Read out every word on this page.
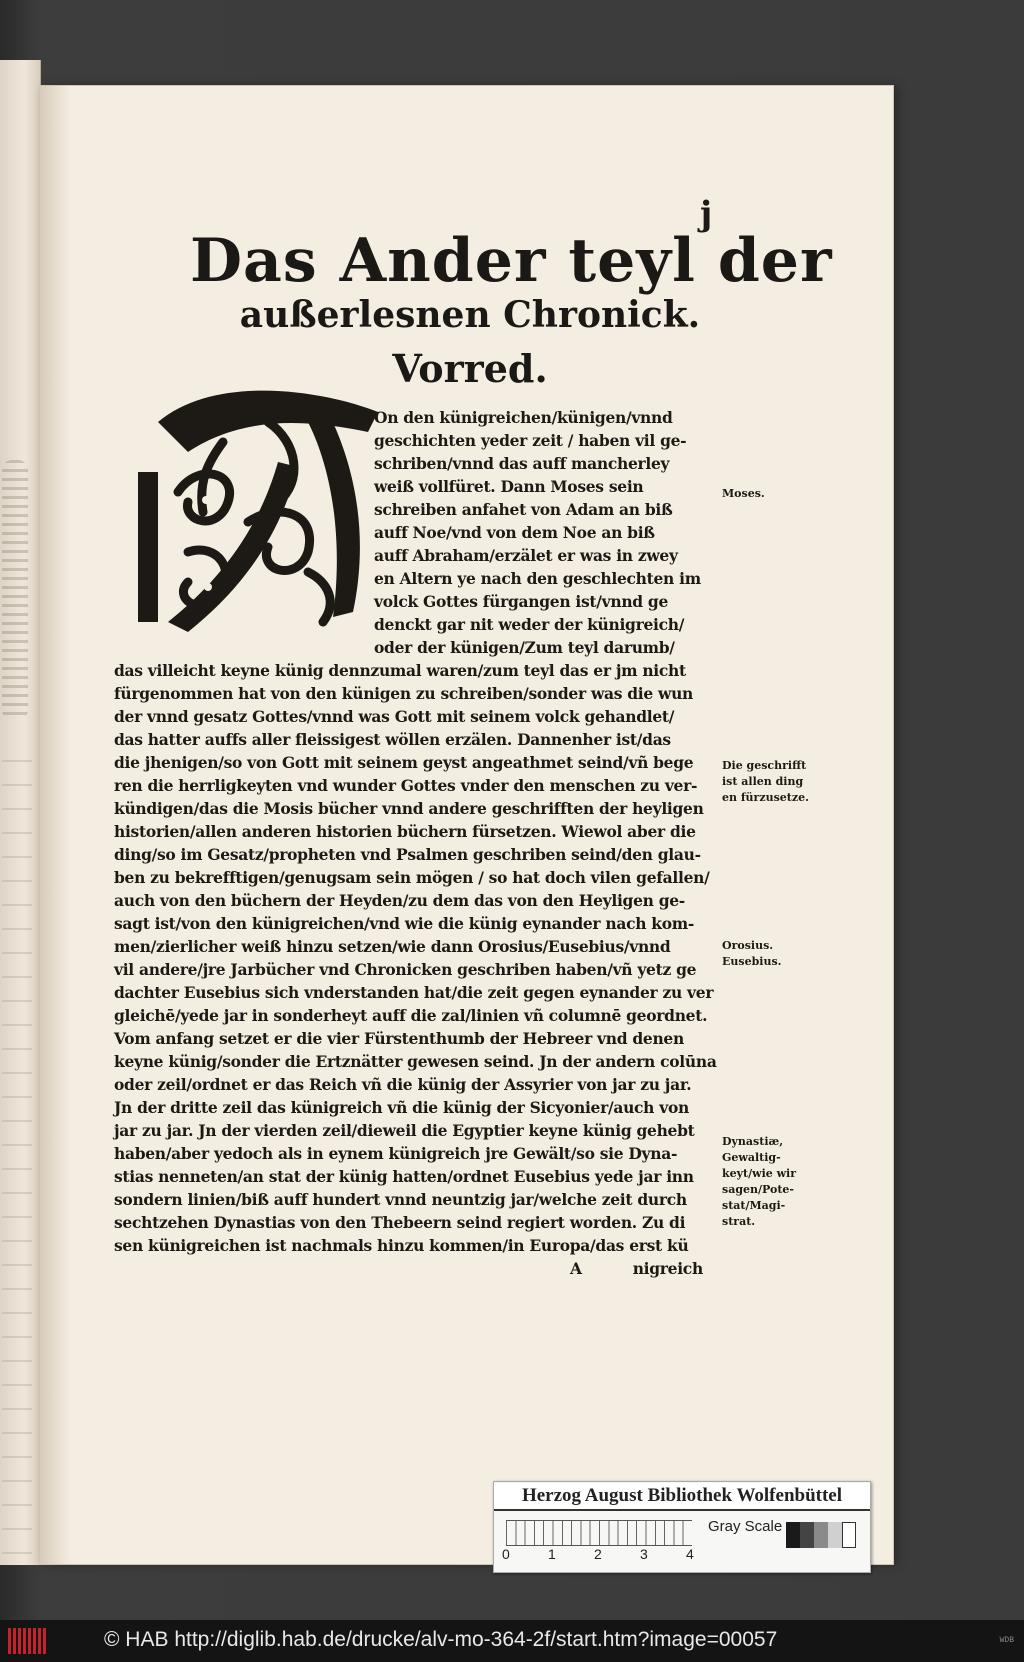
j
Das Ander teyl der
außerlesnen Chronick.
Vorred.
On den künigreichen/künigen/vnnd
geschichten yeder zeit / haben vil ge-
schriben/vnnd das auff mancherley
weiß vollfüret. Dann Moses sein
schreiben anfahet von Adam an biß
auff Noe/vnd von dem Noe an biß
auff Abraham/erzälet er was in zwey
en Altern ye nach den geschlechten im
volck Gottes fürgangen ist/vnnd ge
denckt gar nit weder der künigreich/
oder der künigen/Zum teyl darumb/
das villeicht keyne künig dennzumal waren/zum teyl das er jm nicht
fürgenommen hat von den künigen zu schreiben/sonder was die wun
der vnnd gesatz Gottes/vnnd was Gott mit seinem volck gehandlet/
das hatter auffs aller fleissigest wöllen erzälen. Dannenher ist/das
die jhenigen/so von Gott mit seinem geyst angeathmet seind/vñ bege
ren die herrligkeyten vnd wunder Gottes vnder den menschen zu ver-
kündigen/das die Mosis bücher vnnd andere geschrifften der heyligen
historien/allen anderen historien büchern fürsetzen. Wiewol aber die
ding/so im Gesatz/propheten vnd Psalmen geschriben seind/den glau-
ben zu bekrefftigen/genugsam sein mögen / so hat doch vilen gefallen/
auch von den büchern der Heyden/zu dem das von den Heyligen ge-
sagt ist/von den künigreichen/vnd wie die künig eynander nach kom-
men/zierlicher weiß hinzu setzen/wie dann Orosius/Eusebius/vnnd
vil andere/jre Jarbücher vnd Chronicken geschriben haben/vñ yetz ge
dachter Eusebius sich vnderstanden hat/die zeit gegen eynander zu ver
gleichē/yede jar in sonderheyt auff die zal/linien vñ columnē geordnet.
Vom anfang setzet er die vier Fürstenthumb der Hebreer vnd denen
keyne künig/sonder die Ertznätter gewesen seind. Jn der andern colūna
oder zeil/ordnet er das Reich vñ die künig der Assyrier von jar zu jar.
Jn der dritte zeil das künigreich vñ die künig der Sicyonier/auch von
jar zu jar. Jn der vierden zeil/dieweil die Egyptier keyne künig gehebt
haben/aber yedoch als in eynem künigreich jre Gewält/so sie Dyna-
stias nenneten/an stat der künig hatten/ordnet Eusebius yede jar inn
sondern linien/biß auff hundert vnnd neuntzig jar/welche zeit durch
sechtzehen Dynastias von den Thebeern seind regiert worden. Zu di
sen künigreichen ist nachmals hinzu kommen/in Europa/das erst kü
A          nigreich
Moses.
Die geschrifft
ist allen ding
en fürzusetze.
Orosius.
Eusebius.
Dynastiæ,
Gewaltig-
keyt/wie wir
sagen/Pote-
stat/Magi-
strat.
Herzog August Bibliothek Wolfenbüttel
0	1	2	3	4
Gray Scale
© HAB http://diglib.hab.de/drucke/alv-mo-364-2f/start.htm?image=00057	WDB
